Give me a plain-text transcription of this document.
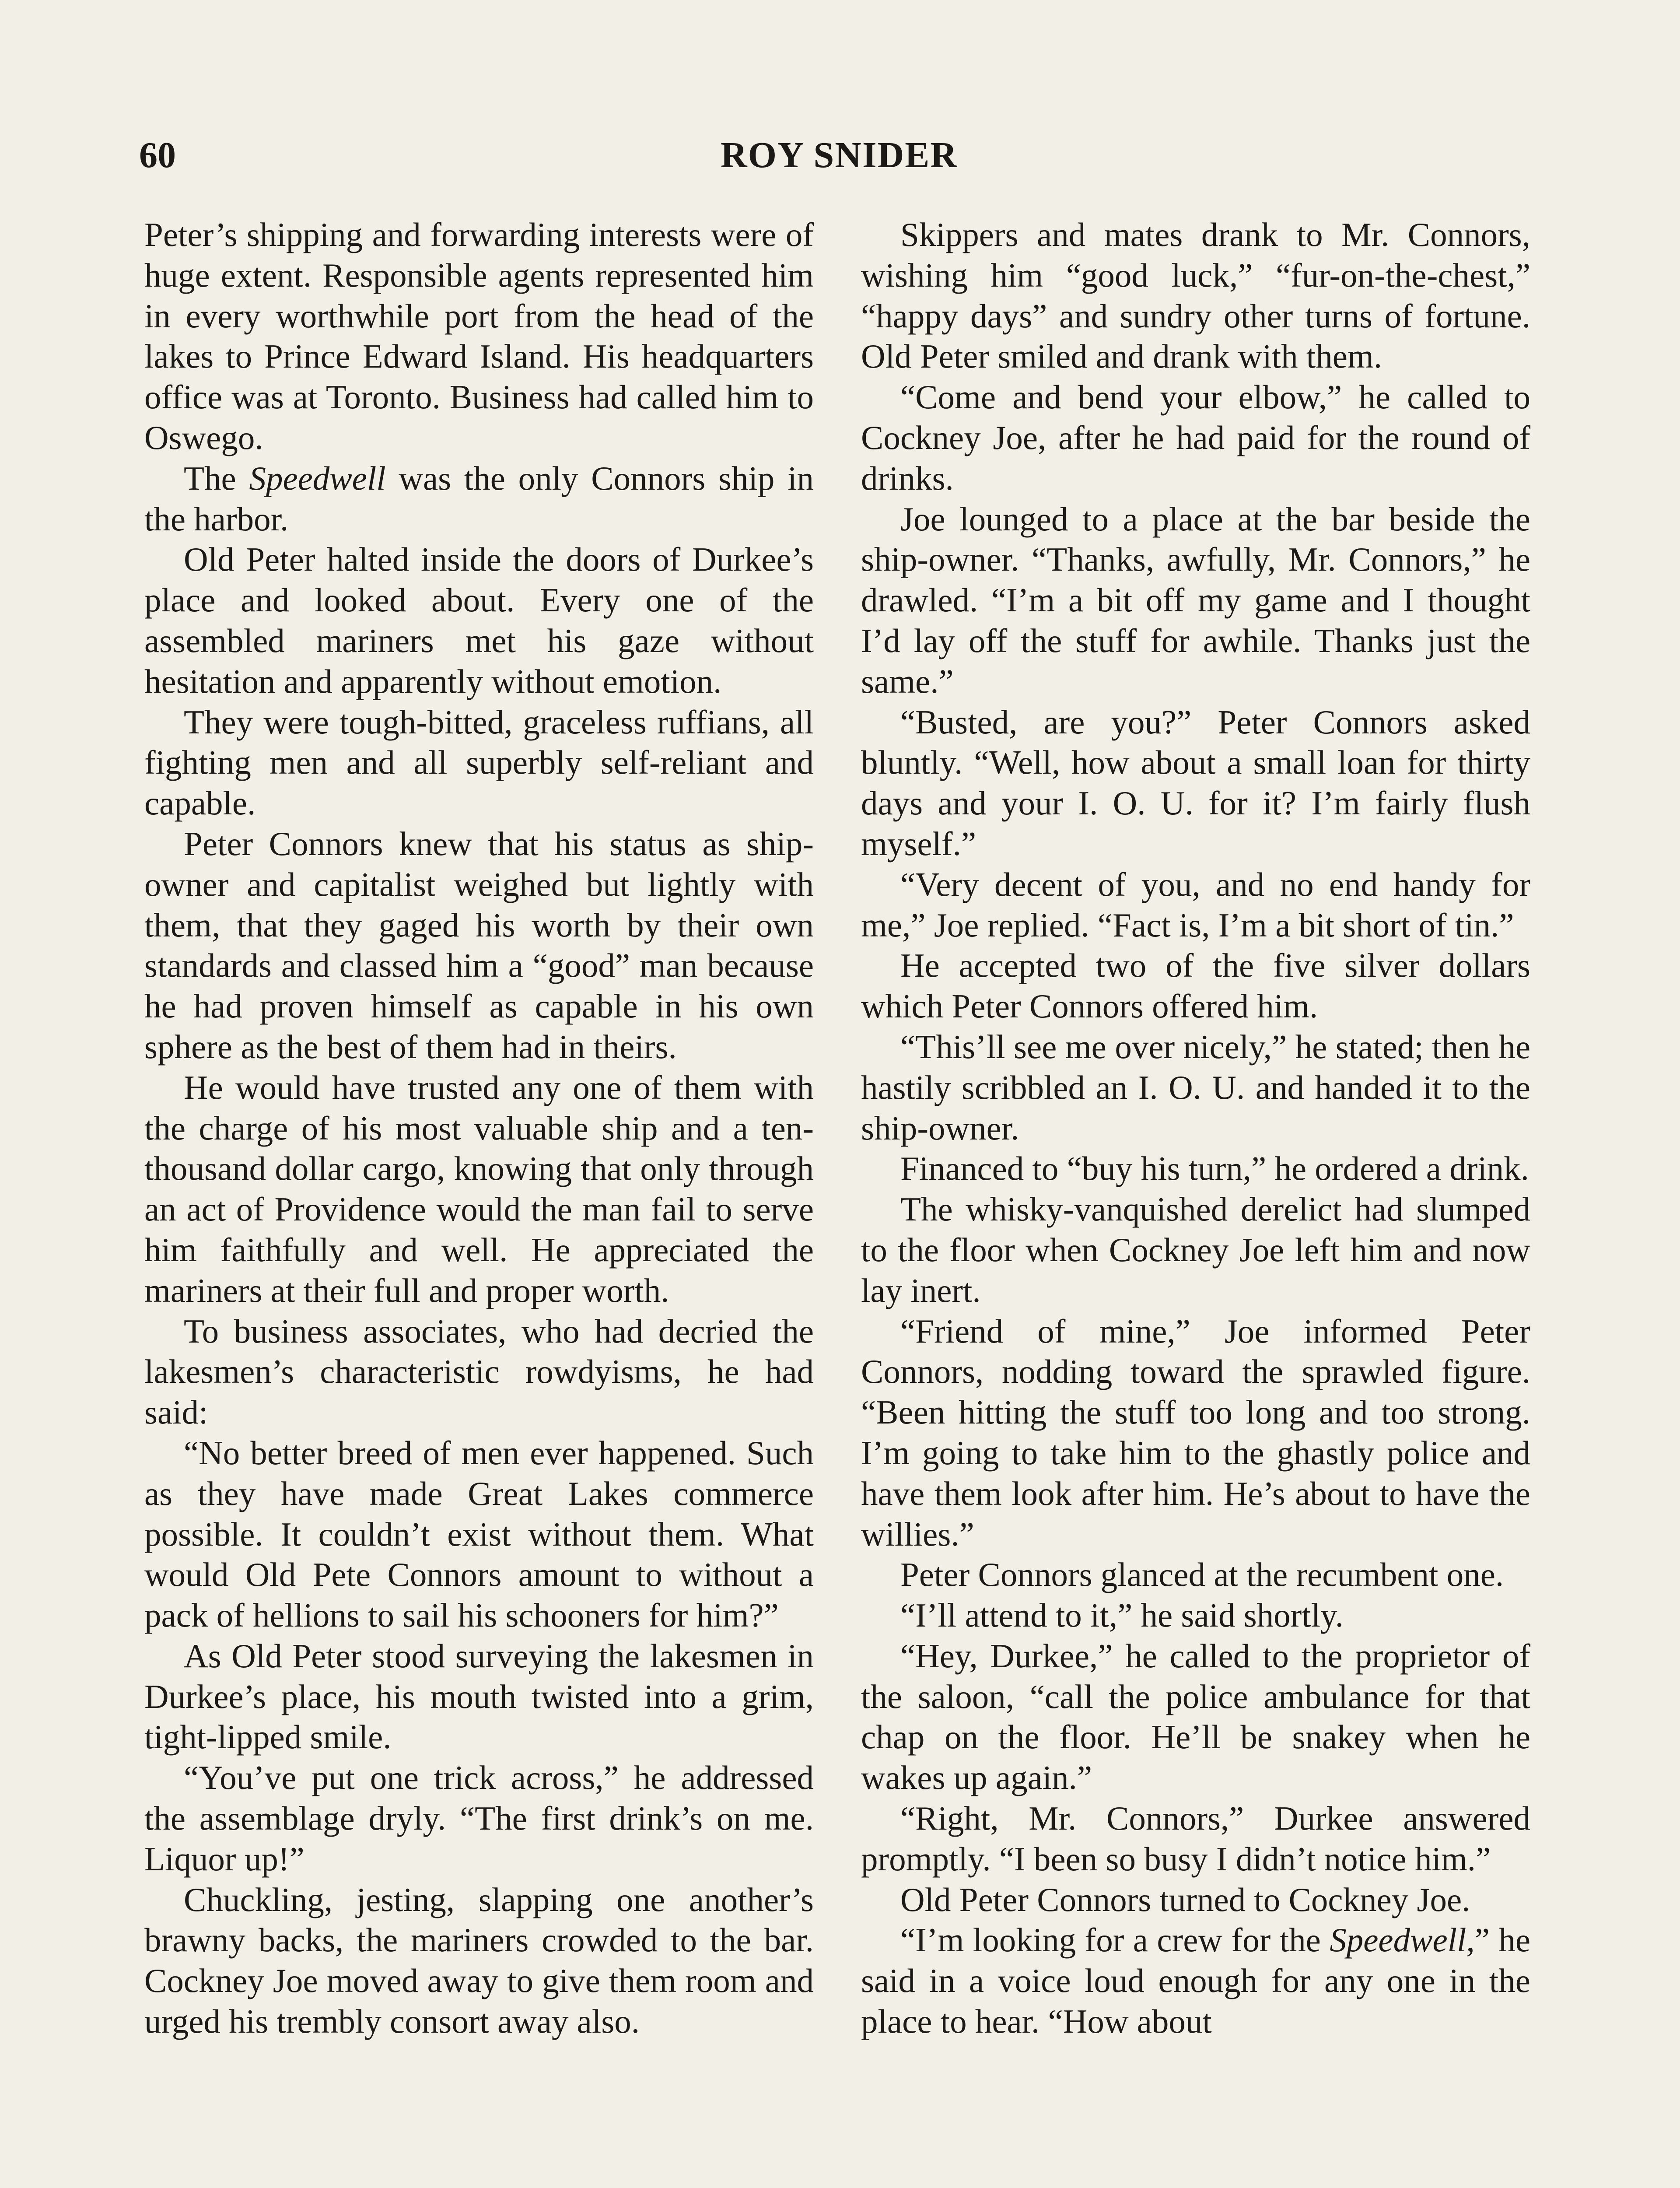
60	ROY SNIDER

Peter’s shipping and forwarding interests were of huge extent. Responsible agents represented him in every worthwhile port from the head of the lakes to Prince Edward Island. His headquarters office was at Toronto. Business had called him to Oswego.

The Speedwell was the only Connors ship in the harbor.

Old Peter halted inside the doors of Durkee’s place and looked about. Every one of the assembled mariners met his gaze without hesitation and apparently without emotion.

They were tough-bitted, graceless ruffians, all fighting men and all superbly self-reliant and capable.

Peter Connors knew that his status as ship-owner and capitalist weighed but lightly with them, that they gaged his worth by their own standards and classed him a “good” man because he had proven himself as capable in his own sphere as the best of them had in theirs.

He would have trusted any one of them with the charge of his most valuable ship and a ten-thousand dollar cargo, knowing that only through an act of Providence would the man fail to serve him faithfully and well. He appreciated the mariners at their full and proper worth.

To business associates, who had decried the lakesmen’s characteristic rowdyisms, he had said:

“No better breed of men ever happened. Such as they have made Great Lakes commerce possible. It couldn’t exist without them. What would Old Pete Connors amount to without a pack of hellions to sail his schooners for him?”

As Old Peter stood surveying the lakesmen in Durkee’s place, his mouth twisted into a grim, tight-lipped smile.

“You’ve put one trick across,” he addressed the assemblage dryly. “The first drink’s on me. Liquor up!”

Chuckling, jesting, slapping one another’s brawny backs, the mariners crowded to the bar. Cockney Joe moved away to give them room and urged his trembly consort away also.

Skippers and mates drank to Mr. Connors, wishing him “good luck,” “fur-on-the-chest,” “happy days” and sundry other turns of fortune. Old Peter smiled and drank with them.

“Come and bend your elbow,” he called to Cockney Joe, after he had paid for the round of drinks.

Joe lounged to a place at the bar beside the ship-owner. “Thanks, awfully, Mr. Connors,” he drawled. “I’m a bit off my game and I thought I’d lay off the stuff for awhile. Thanks just the same.”

“Busted, are you?” Peter Connors asked bluntly. “Well, how about a small loan for thirty days and your I. O. U. for it? I’m fairly flush myself.”

“Very decent of you, and no end handy for me,” Joe replied. “Fact is, I’m a bit short of tin.”

He accepted two of the five silver dollars which Peter Connors offered him.

“This’ll see me over nicely,” he stated; then he hastily scribbled an I. O. U. and handed it to the ship-owner.

Financed to “buy his turn,” he ordered a drink.

The whisky-vanquished derelict had slumped to the floor when Cockney Joe left him and now lay inert.

“Friend of mine,” Joe informed Peter Connors, nodding toward the sprawled figure. “Been hitting the stuff too long and too strong. I’m going to take him to the ghastly police and have them look after him. He’s about to have the willies.”

Peter Connors glanced at the recumbent one.

“I’ll attend to it,” he said shortly.

“Hey, Durkee,” he called to the proprietor of the saloon, “call the police ambulance for that chap on the floor. He’ll be snakey when he wakes up again.”

“Right, Mr. Connors,” Durkee answered promptly. “I been so busy I didn’t notice him.”

Old Peter Connors turned to Cockney Joe.

“I’m looking for a crew for the Speedwell,” he said in a voice loud enough for any one in the place to hear. “How about
